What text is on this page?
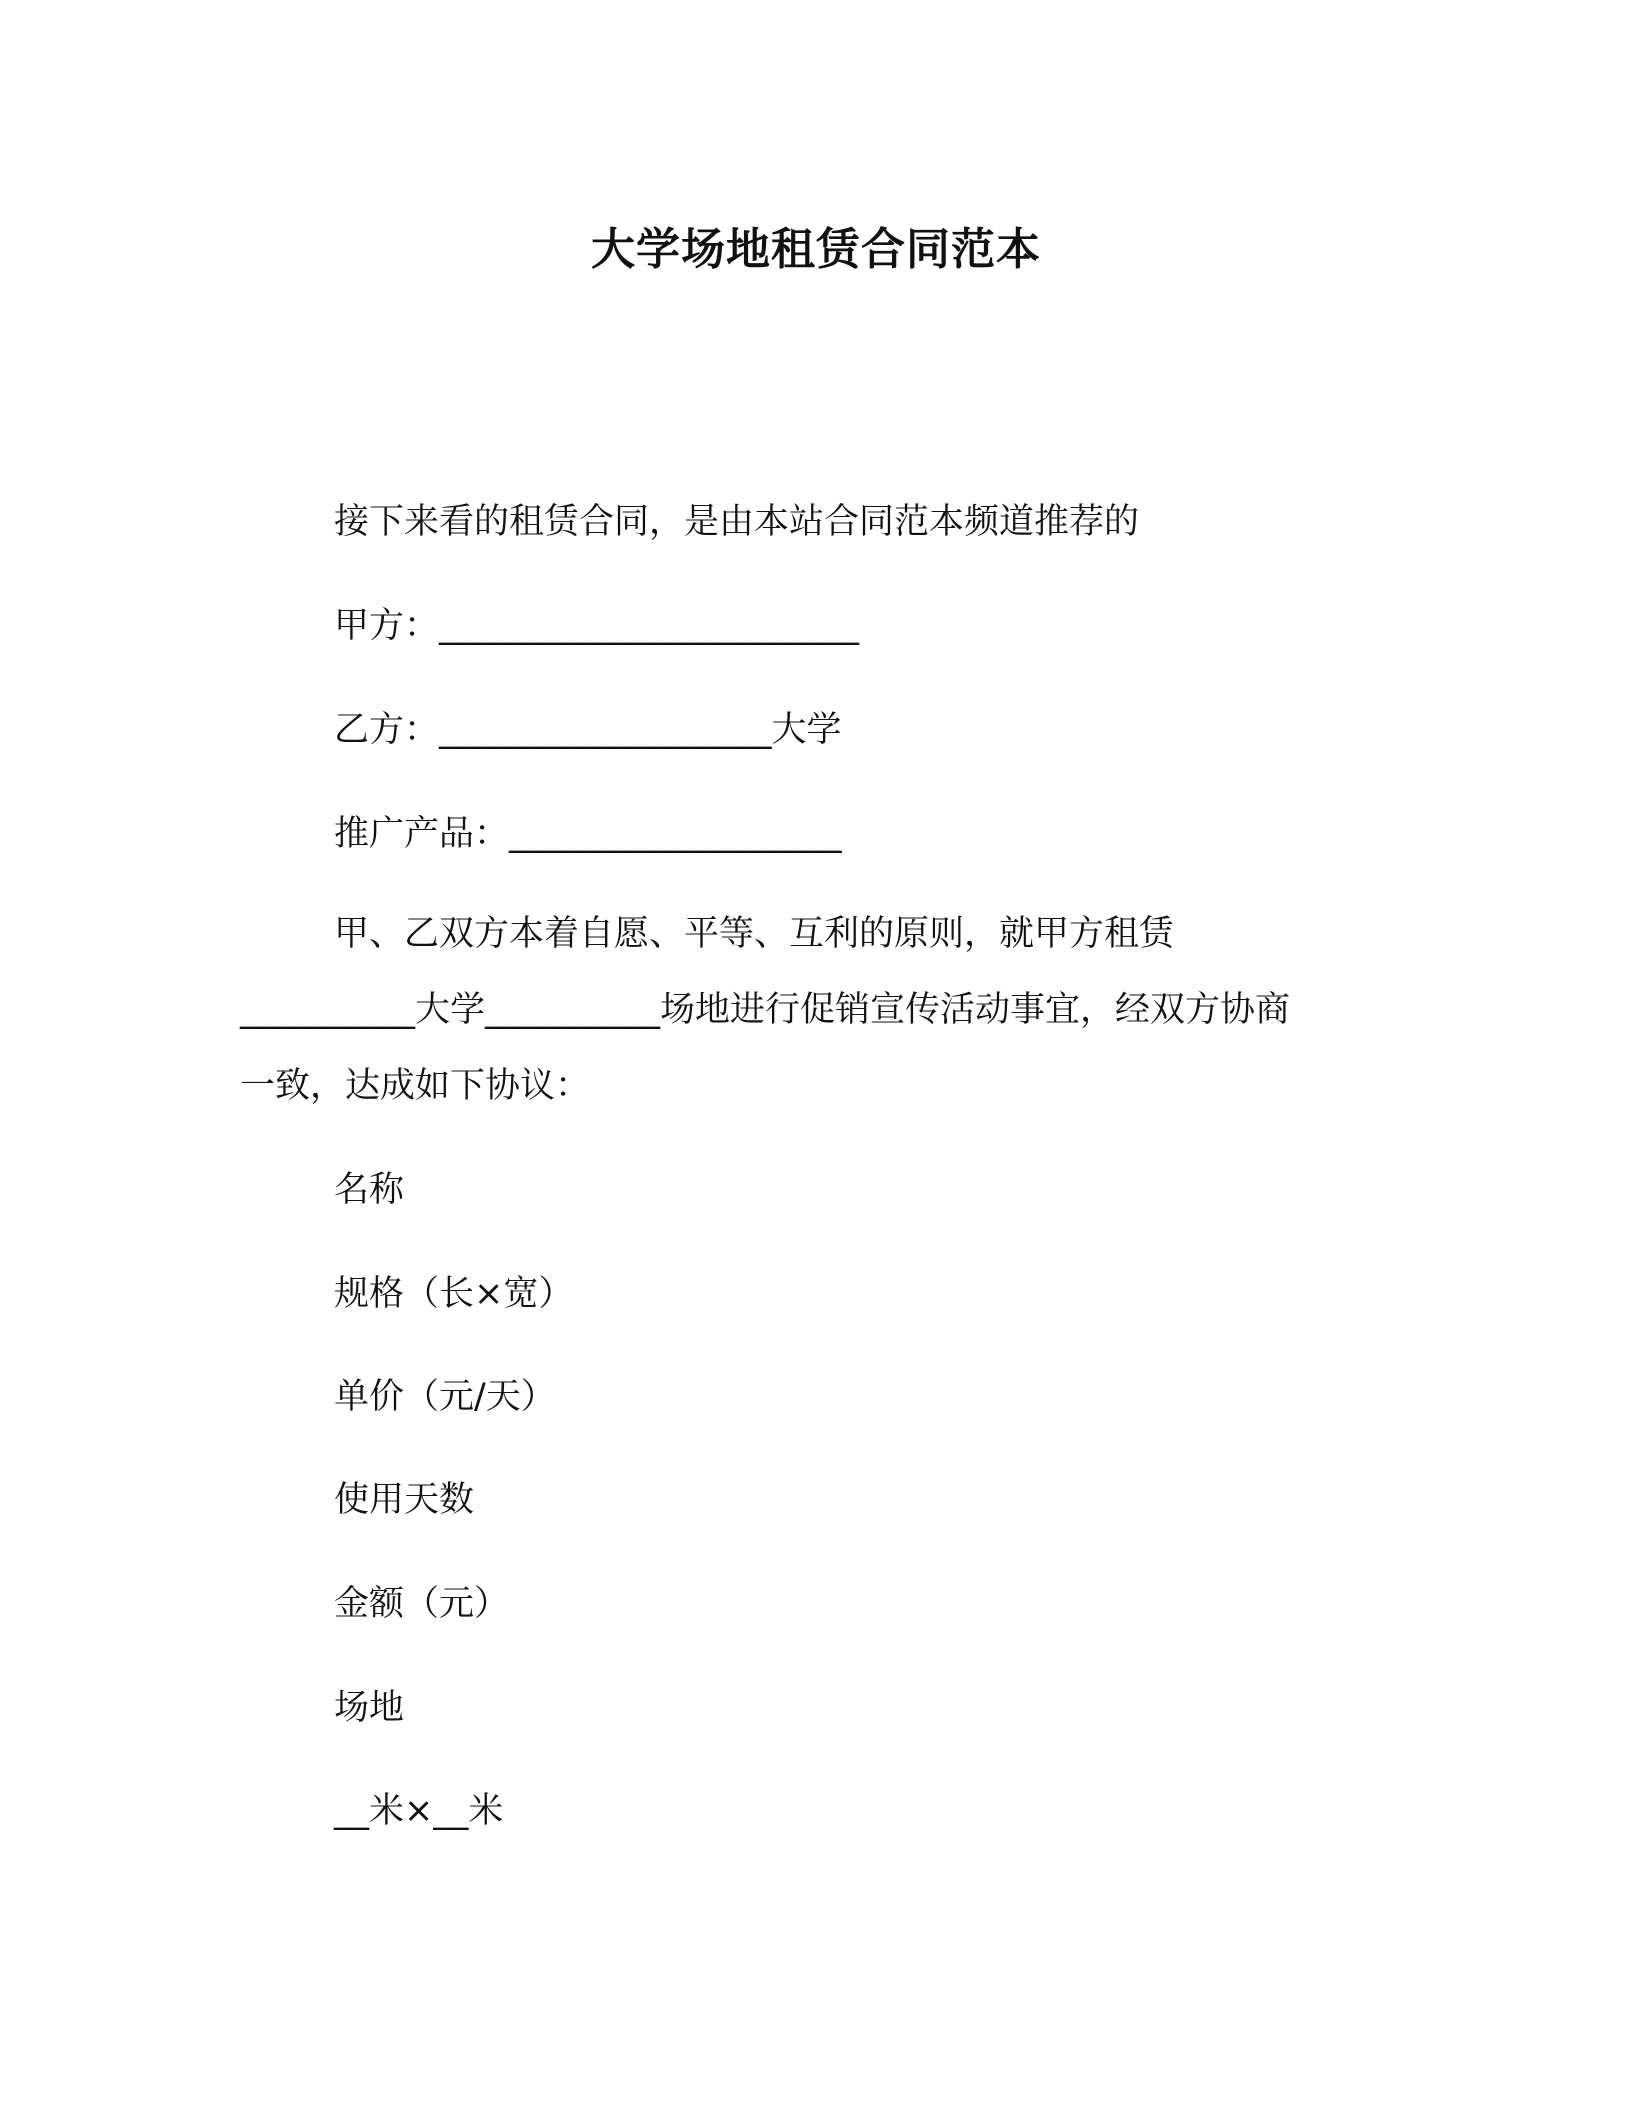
大学场地租赁合同范本
接下来看的租赁合同，是由本站合同范本频道推荐的
甲方：________________________
乙方：___________________大学
推广产品：___________________
甲、乙双方本着自愿、平等、互利的原则，就甲方租赁
__________大学__________场地进行促销宣传活动事宜，经双方协商
一致，达成如下协议：
名称
规格（长×宽）
单价（元/天）
使用天数
金额（元）
场地
__米×__米
